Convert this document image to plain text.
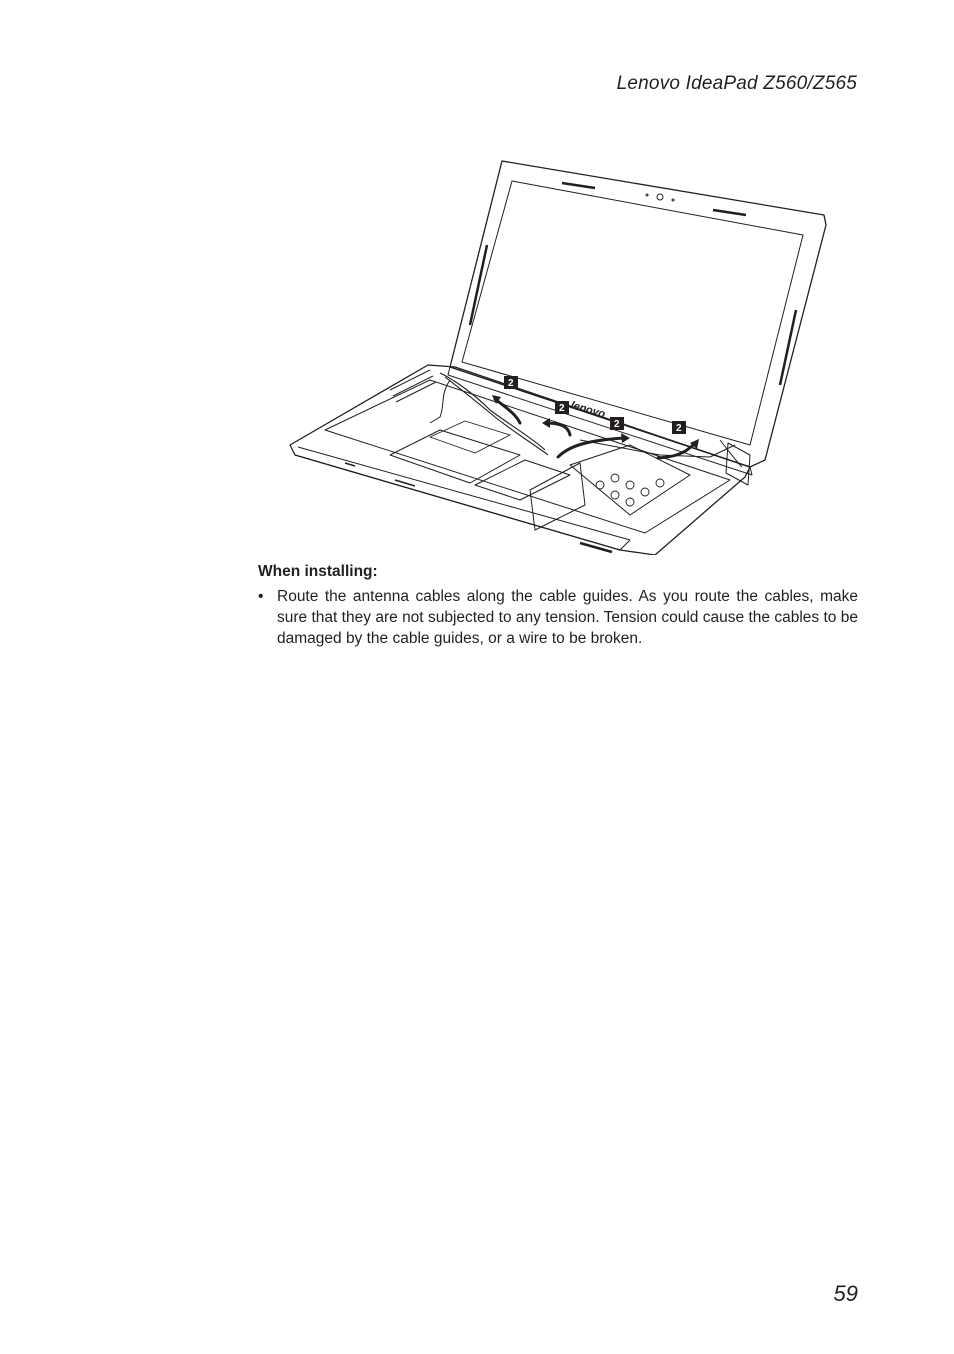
Lenovo IdeaPad Z560/Z565
lenovo
2
2
2	2
When installing:
• Route the antenna cables along the cable guides. As you route the cables, make sure that they are not subjected to any tension. Tension could cause the cables to be damaged by the cable guides, or a wire to be broken.
59
